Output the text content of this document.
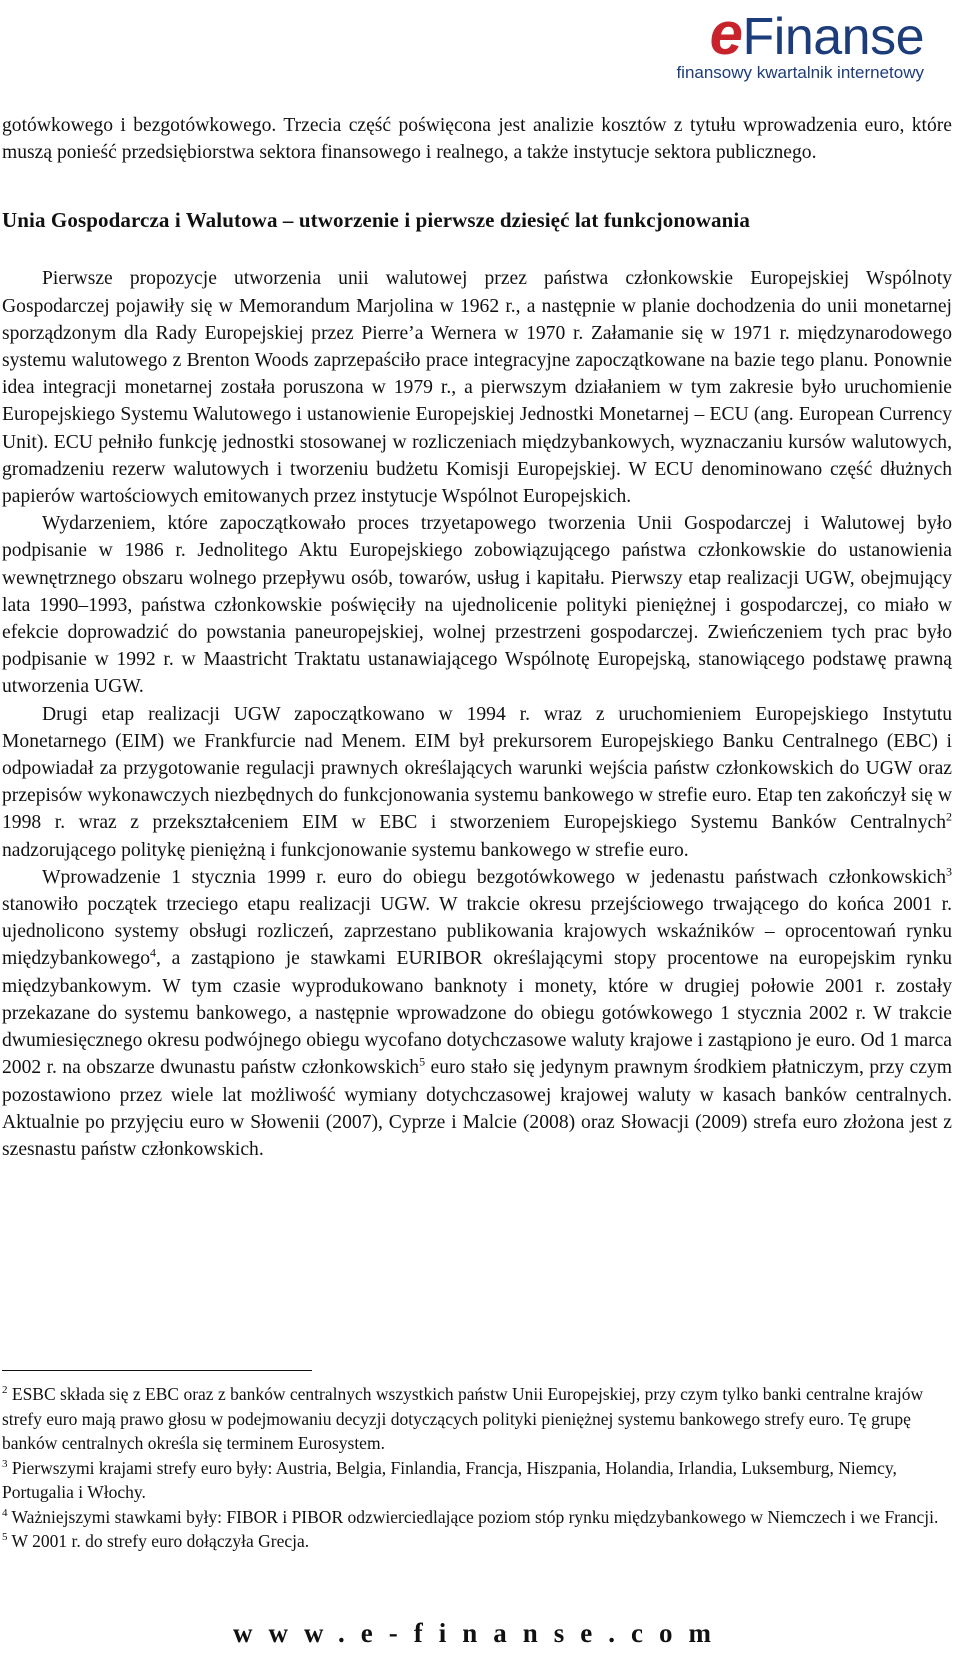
eFinanse
finansowy kwartalnik internetowy

gotówkowego i bezgotówkowego. Trzecia część poświęcona jest analizie kosztów z tytułu wprowadzenia euro, które muszą ponieść przedsiębiorstwa sektora finansowego i realnego, a także instytucje sektora publicznego.

Unia Gospodarcza i Walutowa – utworzenie i pierwsze dziesięć lat funkcjonowania

Pierwsze propozycje utworzenia unii walutowej przez państwa członkowskie Europejskiej Wspólnoty Gospodarczej pojawiły się w Memorandum Marjolina w 1962 r., a następnie w planie dochodzenia do unii monetarnej sporządzonym dla Rady Europejskiej przez Pierre’a Wernera w 1970 r. Załamanie się w 1971 r. międzynarodowego systemu walutowego z Brenton Woods zaprzepaściło prace integracyjne zapoczątkowane na bazie tego planu. Ponownie idea integracji monetarnej została poruszona w 1979 r., a pierwszym działaniem w tym zakresie było uruchomienie Europejskiego Systemu Walutowego i ustanowienie Europejskiej Jednostki Monetarnej – ECU (ang. European Currency Unit). ECU pełniło funkcję jednostki stosowanej w rozliczeniach międzybankowych, wyznaczaniu kursów walutowych, gromadzeniu rezerw walutowych i tworzeniu budżetu Komisji Europejskiej. W ECU denominowano część dłużnych papierów wartościowych emitowanych przez instytucje Wspólnot Europejskich.

Wydarzeniem, które zapoczątkowało proces trzyetapowego tworzenia Unii Gospodarczej i Walutowej było podpisanie w 1986 r. Jednolitego Aktu Europejskiego zobowiązującego państwa członkowskie do ustanowienia wewnętrznego obszaru wolnego przepływu osób, towarów, usług i kapitału. Pierwszy etap realizacji UGW, obejmujący lata 1990–1993, państwa członkowskie poświęciły na ujednolicenie polityki pieniężnej i gospodarczej, co miało w efekcie doprowadzić do powstania paneuropejskiej, wolnej przestrzeni gospodarczej. Zwieńczeniem tych prac było podpisanie w 1992 r. w Maastricht Traktatu ustanawiającego Wspólnotę Europejską, stanowiącego podstawę prawną utworzenia UGW.

Drugi etap realizacji UGW zapoczątkowano w 1994 r. wraz z uruchomieniem Europejskiego Instytutu Monetarnego (EIM) we Frankfurcie nad Menem. EIM był prekursorem Europejskiego Banku Centralnego (EBC) i odpowiadał za przygotowanie regulacji prawnych określających warunki wejścia państw członkowskich do UGW oraz przepisów wykonawczych niezbędnych do funkcjonowania systemu bankowego w strefie euro. Etap ten zakończył się w 1998 r. wraz z przekształceniem EIM w EBC i stworzeniem Europejskiego Systemu Banków Centralnych$^2$ nadzorującego politykę pieniężną i funkcjonowanie systemu bankowego w strefie euro.

Wprowadzenie 1 stycznia 1999 r. euro do obiegu bezgotówkowego w jedenastu państwach członkowskich$^3$ stanowiło początek trzeciego etapu realizacji UGW. W trakcie okresu przejściowego trwającego do końca 2001 r. ujednolicono systemy obsługi rozliczeń, zaprzestano publikowania krajowych wskaźników – oprocentowań rynku międzybankowego$^4$, a zastąpiono je stawkami EURIBOR określającymi stopy procentowe na europejskim rynku międzybankowym. W tym czasie wyprodukowano banknoty i monety, które w drugiej połowie 2001 r. zostały przekazane do systemu bankowego, a następnie wprowadzone do obiegu gotówkowego 1 stycznia 2002 r. W trakcie dwumiesięcznego okresu podwójnego obiegu wycofano dotychczasowe waluty krajowe i zastąpiono je euro. Od 1 marca 2002 r. na obszarze dwunastu państw członkowskich$^5$ euro stało się jedynym prawnym środkiem płatniczym, przy czym pozostawiono przez wiele lat możliwość wymiany dotychczasowej krajowej waluty w kasach banków centralnych. Aktualnie po przyjęciu euro w Słowenii (2007), Cyprze i Malcie (2008) oraz Słowacji (2009) strefa euro złożona jest z szesnastu państw członkowskich.

$^2$ ESBC składa się z EBC oraz z banków centralnych wszystkich państw Unii Europejskiej, przy czym tylko banki centralne krajów strefy euro mają prawo głosu w podejmowaniu decyzji dotyczących polityki pieniężnej systemu bankowego strefy euro. Tę grupę banków centralnych określa się terminem Eurosystem.

$^3$ Pierwszymi krajami strefy euro były: Austria, Belgia, Finlandia, Francja, Hiszpania, Holandia, Irlandia, Luksemburg, Niemcy, Portugalia i Włochy.

$^4$ Ważniejszymi stawkami były: FIBOR i PIBOR odzwierciedlające poziom stóp rynku międzybankowego w Niemczech i we Francji.

$^5$ W 2001 r. do strefy euro dołączyła Grecja.

www.e-finanse.com
